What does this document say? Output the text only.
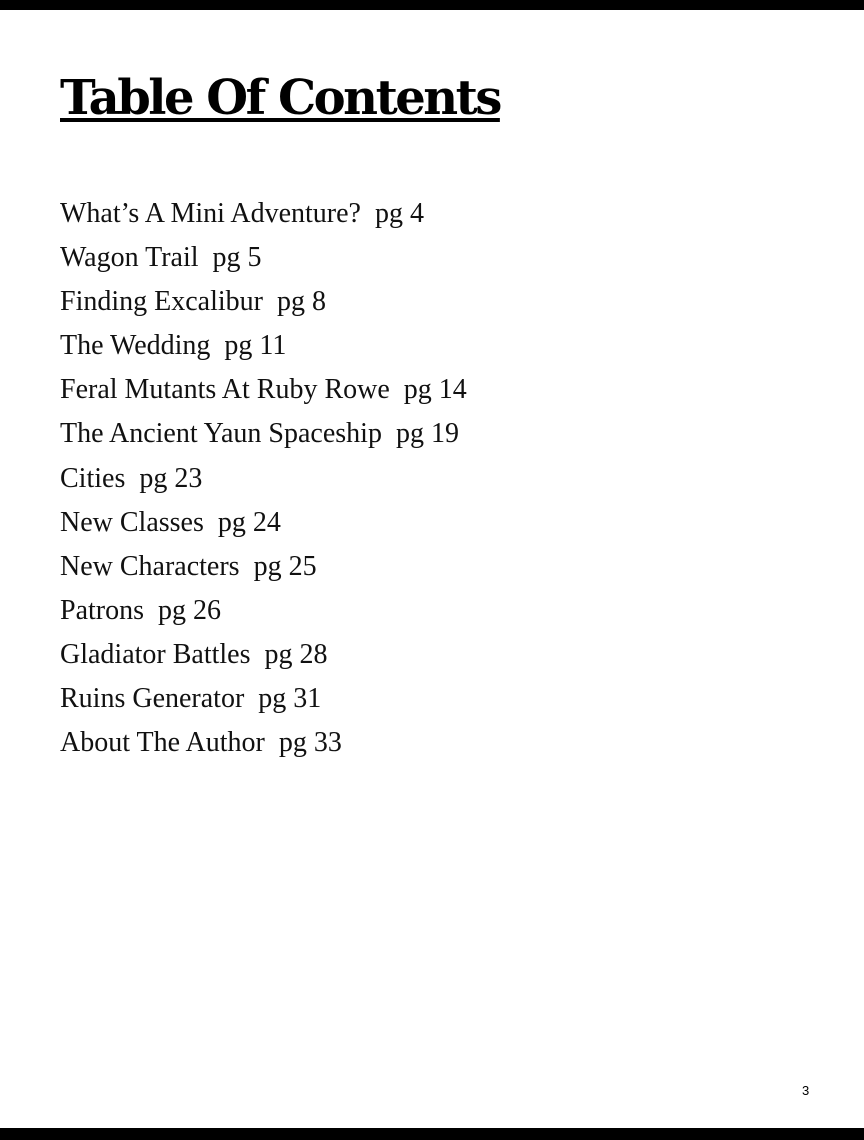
Table Of Contents
What’s A Mini Adventure? pg 4
Wagon Trail pg 5
Finding Excalibur pg 8
The Wedding pg 11
Feral Mutants At Ruby Rowe pg 14
The Ancient Yaun Spaceship pg 19
Cities pg 23
New Classes pg 24
New Characters pg 25
Patrons pg 26
Gladiator Battles pg 28
Ruins Generator pg 31
About The Author pg 33
3
